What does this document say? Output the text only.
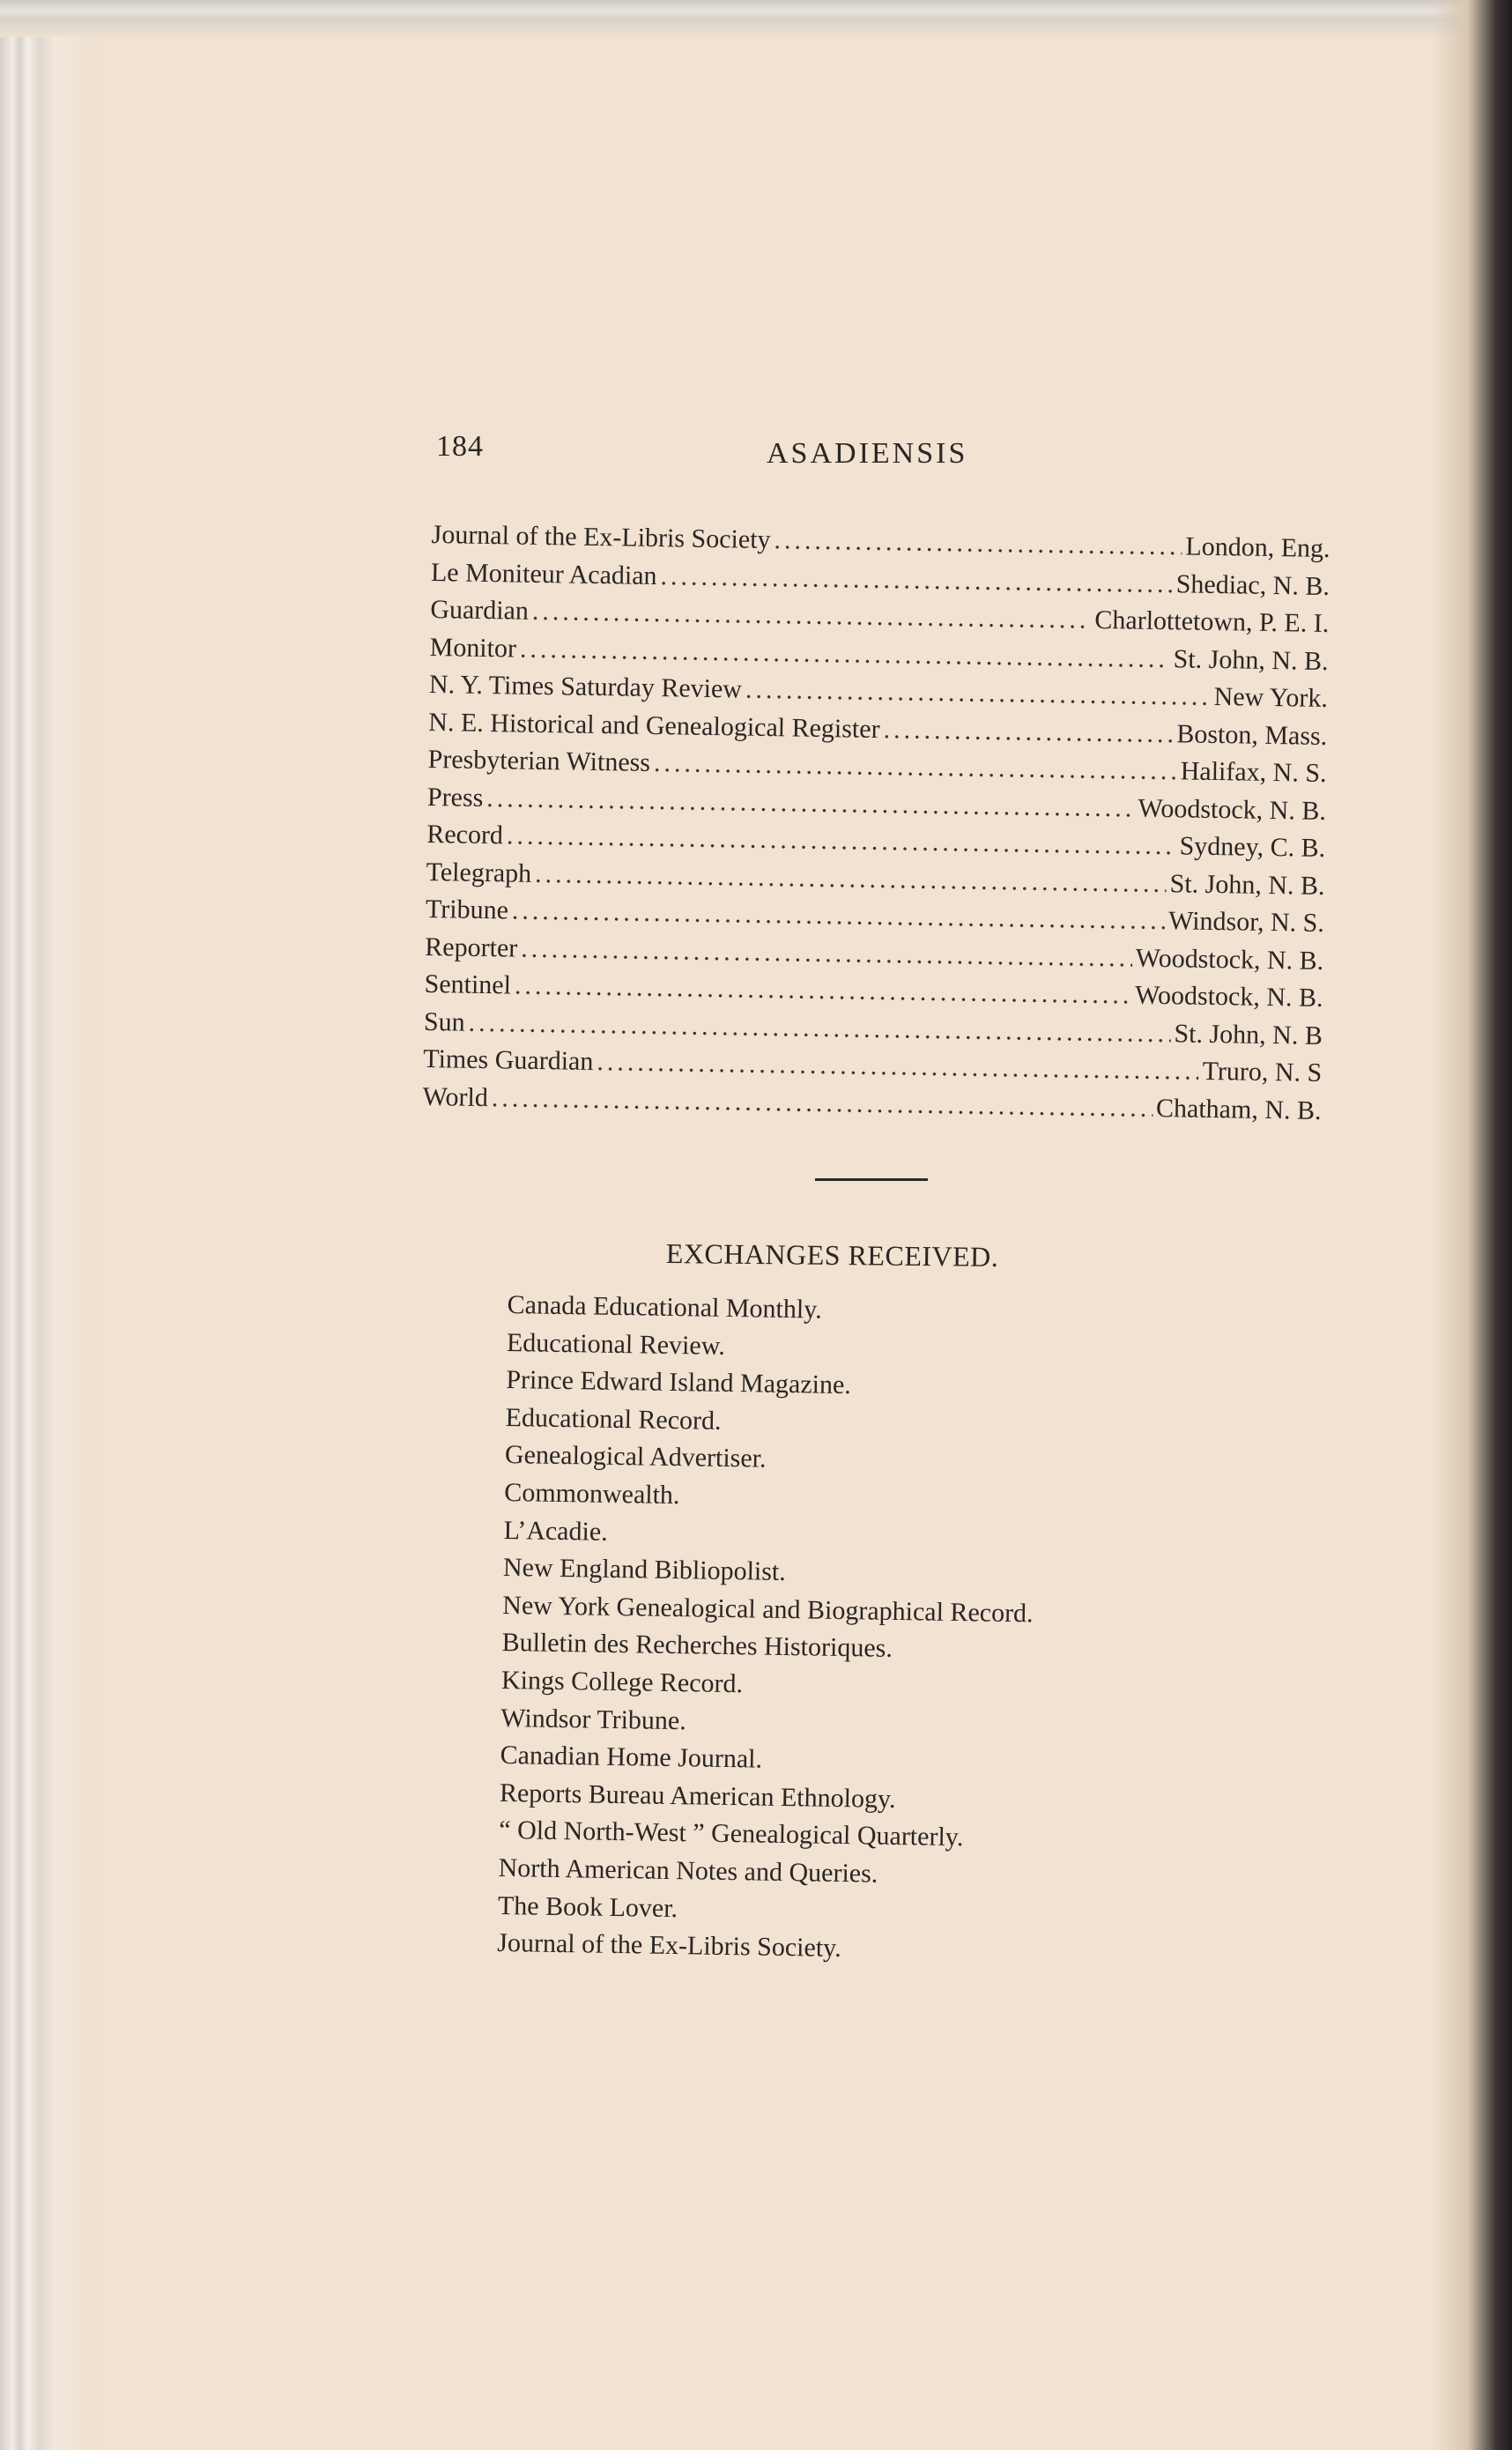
184	ASADIENSIS
Journal of the Ex-Libris Society .....	London, Eng.
Le Moniteur Acadian .....	Shediac, N. B.
Guardian .....	Charlottetown, P. E. I.
Monitor .....	St. John, N. B.
N. Y. Times Saturday Review .....	New York.
N. E. Historical and Genealogical Register .....	Boston, Mass.
Presbyterian Witness .....	Halifax, N. S.
Press .....	Woodstock, N. B.
Record .....	Sydney, C. B.
Telegraph .....	St. John, N. B.
Tribune .....	Windsor, N. S.
Reporter .....	Woodstock, N. B.
Sentinel .....	Woodstock, N. B.
Sun .....	St. John, N. B
Times Guardian .....	Truro, N. S
World .....	Chatham, N. B.
EXCHANGES RECEIVED.
Canada Educational Monthly.
Educational Review.
Prince Edward Island Magazine.
Educational Record.
Genealogical Advertiser.
Commonwealth.
L’Acadie.
New England Bibliopolist.
New York Genealogical and Biographical Record.
Bulletin des Recherches Historiques.
Kings College Record.
Windsor Tribune.
Canadian Home Journal.
Reports Bureau American Ethnology.
“ Old North-West ” Genealogical Quarterly.
North American Notes and Queries.
The Book Lover.
Journal of the Ex-Libris Society.
